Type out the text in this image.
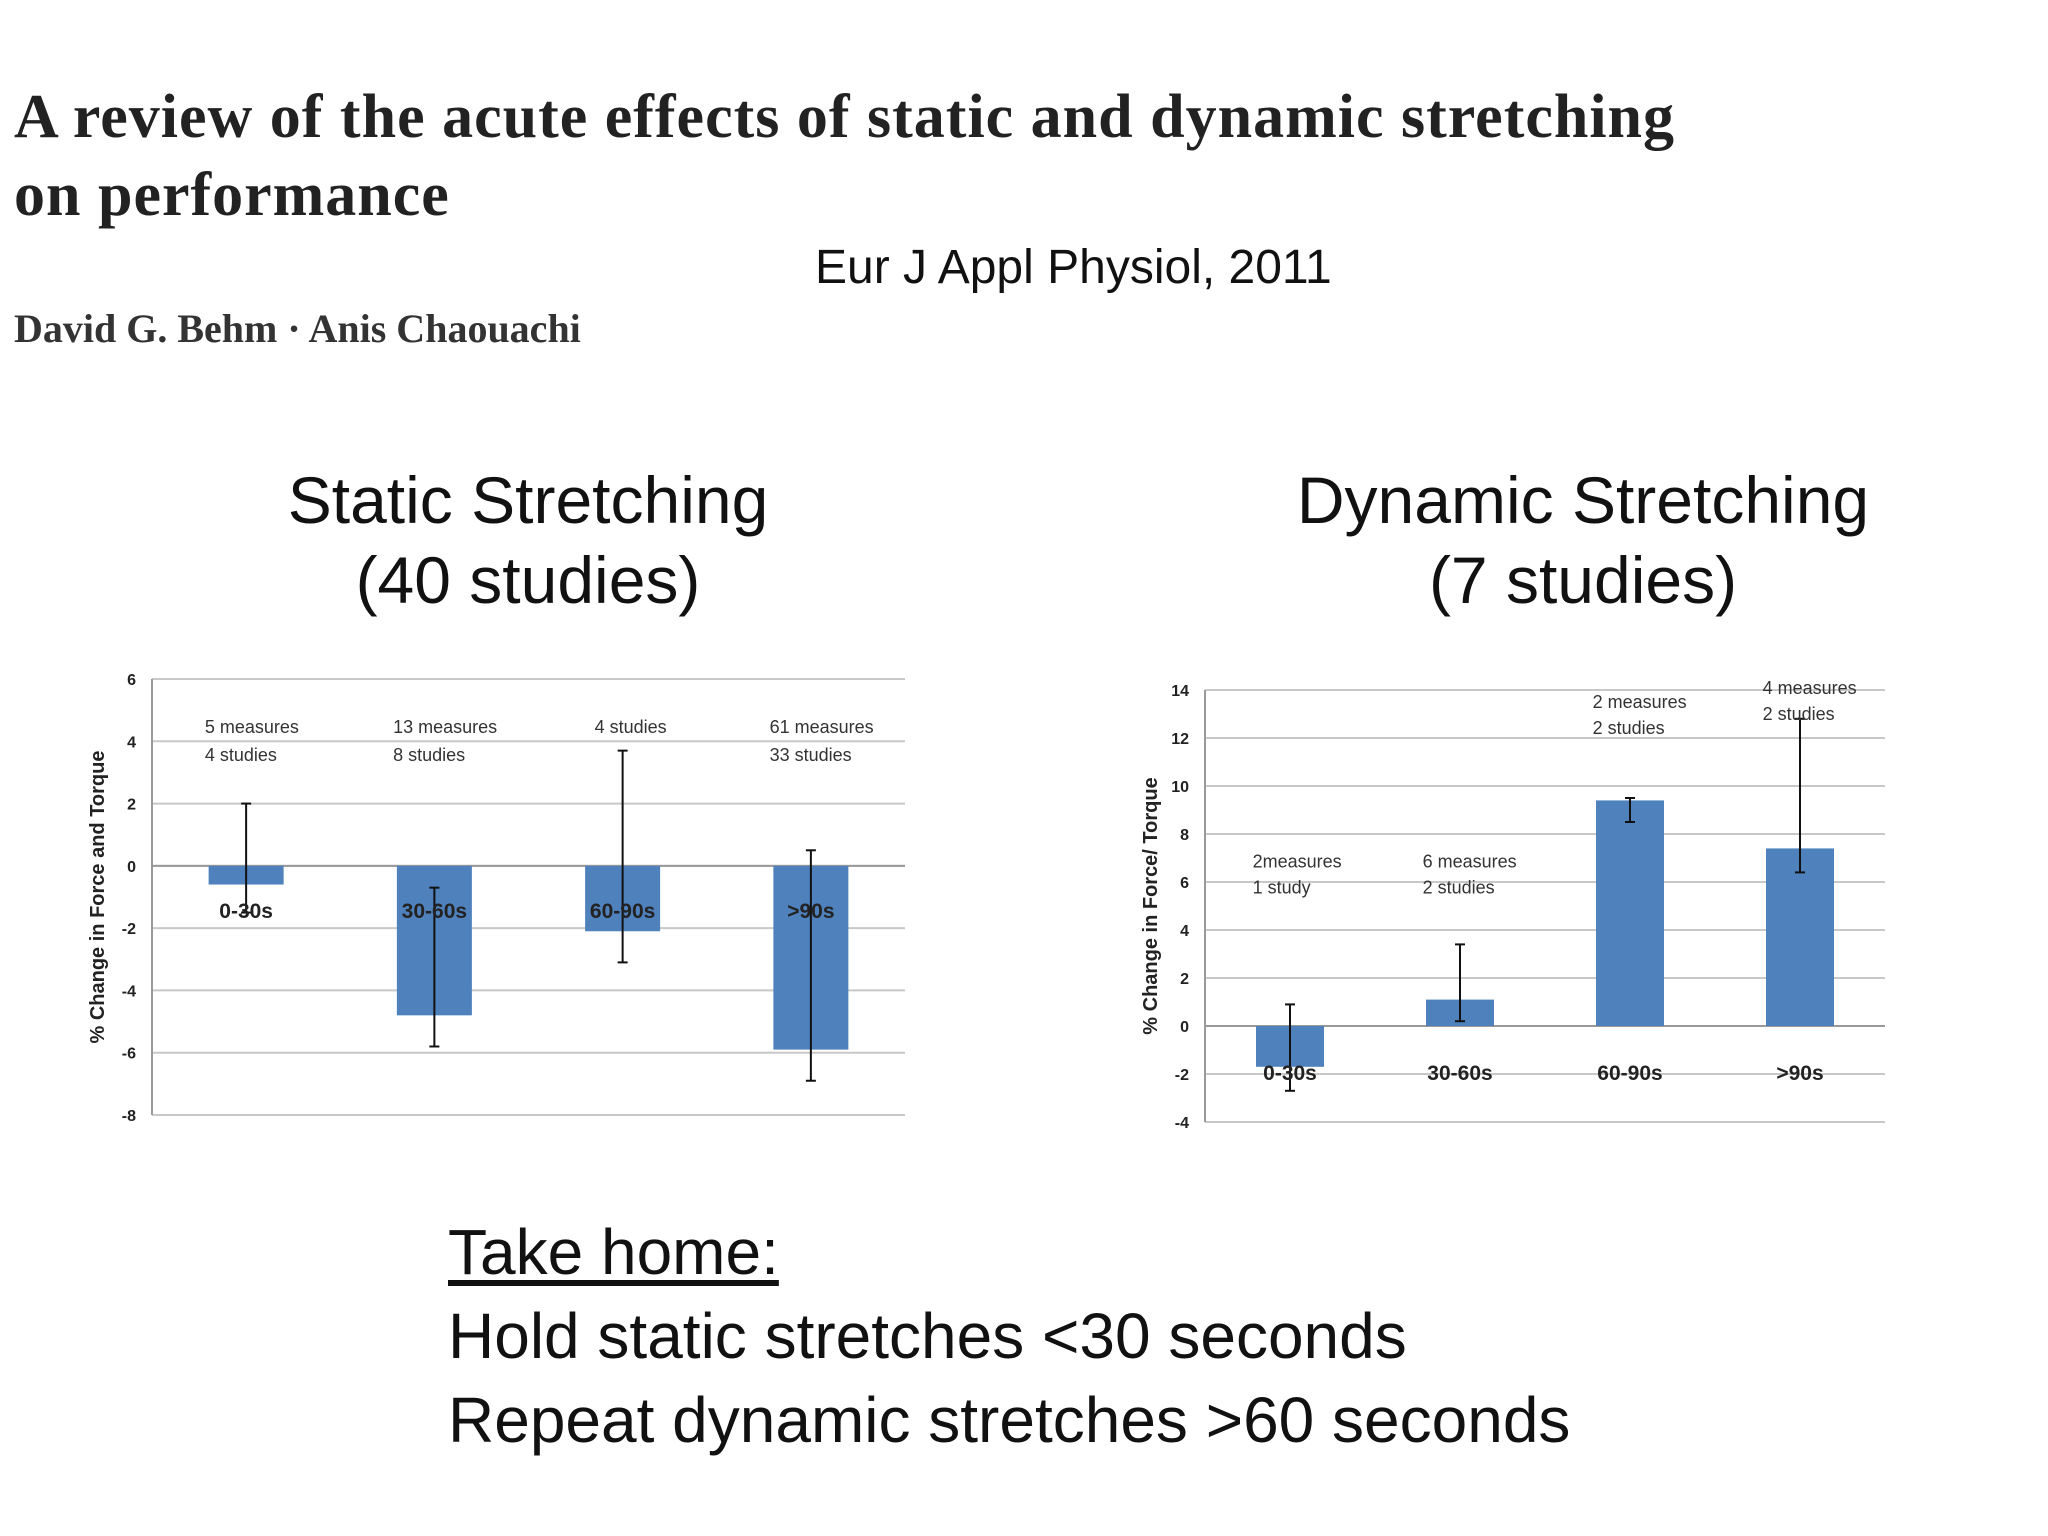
A review of the acute effects of static and dynamic stretching
on performance
Eur J Appl Physiol, 2011
David G. Behm · Anis Chaouachi
Static Stretching
(40 studies)
Dynamic Stretching
(7 studies)
6
4
2
0
-2
-4
-6
-8
% Change in Force and Torque	0-30s
5 measures
4 studies
30-60s
13 measures
8 studies
60-90s
4 studies
>90s
61 measures
33 studies
14
12
10
8
6
4
2
0
-2
-4
% Change in Force/ Torque
0-30s
2measures
1 study
30-60s
6 measures
2 studies
60-90s
2 measures
2 studies
>90s
4 measures
2 studies
Take home:
Hold static stretches <30 seconds
Repeat dynamic stretches >60 seconds
